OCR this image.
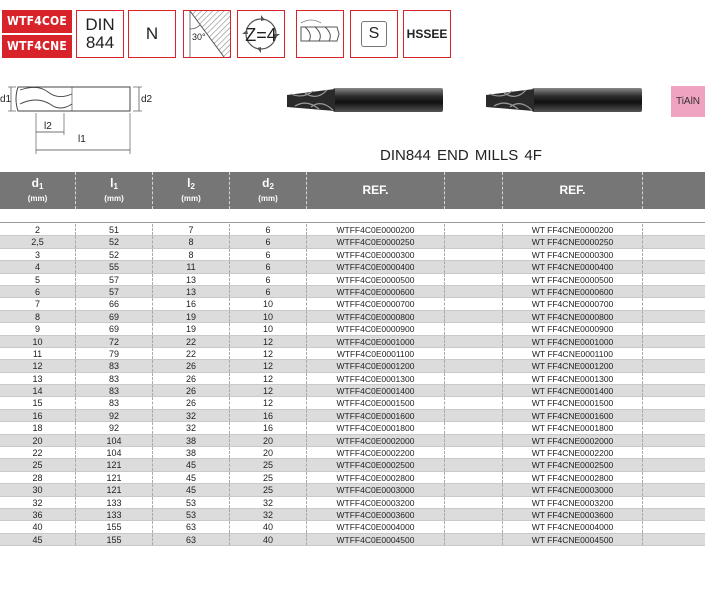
WTF4COE
WTF4CNE
DIN
844 N	30° Z=4	S HSSEE
d1	d2
l2
l1
TiAlN
DIN844 END MILLS 4F
$d_1$
(mm)
$l_1$
(mm)
$l_2$
(mm)
$d_2$
(mm)
REF.	REF.
2	51	7	6	WTFF4C0E0000200	WT FF4CNE0000200
2,5	52	8	6	WTFF4C0E0000250	WT FF4CNE0000250
3	52	8	6	WTFF4C0E0000300	WT FF4CNE0000300
4	55	11	6	WTFF4C0E0000400	WT FF4CNE0000400
5	57	13	6	WTFF4C0E0000500	WT FF4CNE0000500
6	57	13	6	WTFF4C0E0000600	WT FF4CNE0000600
7	66	16	10	WTFF4C0E0000700	WT FF4CNE0000700
8	69	19	10	WTFF4C0E0000800	WT FF4CNE0000800
9	69	19	10	WTFF4C0E0000900	WT FF4CNE0000900
10	72	22	12	WTFF4C0E0001000	WT FF4CNE0001000
11	79	22	12	WTFF4C0E0001100	WT FF4CNE0001100
12	83	26	12	WTFF4C0E0001200	WT FF4CNE0001200
13	83	26	12	WTFF4C0E0001300	WT FF4CNE0001300
14	83	26	12	WTFF4C0E0001400	WT FF4CNE0001400
15	83	26	12	WTFF4C0E0001500	WT FF4CNE0001500
16	92	32	16	WTFF4C0E0001600	WT FF4CNE0001600
18	92	32	16	WTFF4C0E0001800	WT FF4CNE0001800
20	104	38	20	WTFF4C0E0002000	WT FF4CNE0002000
22	104	38	20	WTFF4C0E0002200	WT FF4CNE0002200
25	121	45	25	WTFF4C0E0002500	WT FF4CNE0002500
28	121	45	25	WTFF4C0E0002800	WT FF4CNE0002800
30	121	45	25	WTFF4C0E0003000	WT FF4CNE0003000
32	133	53	32	WTFF4C0E0003200	WT FF4CNE0003200
36	133	53	32	WTFF4C0E0003600	WT FF4CNE0003600
40	155	63	40	WTFF4C0E0004000	WT FF4CNE0004000
45	155	63	40	WTFF4C0E0004500	WT FF4CNE0004500
